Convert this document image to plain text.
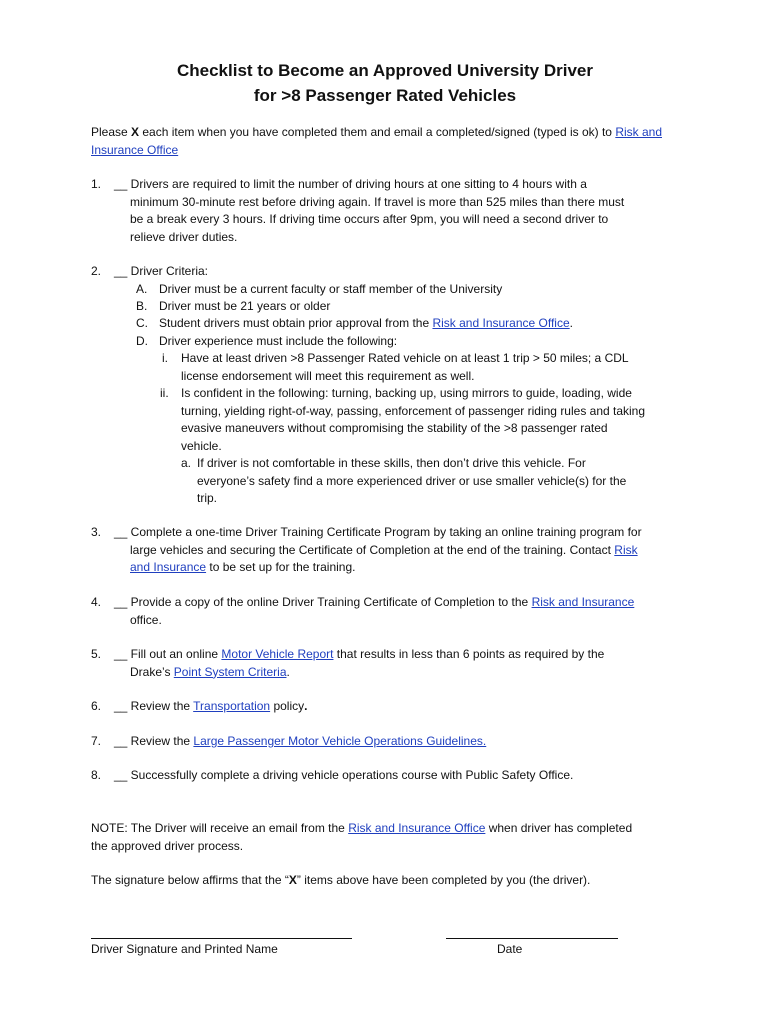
Checklist to Become an Approved University Driver
for >8 Passenger Rated Vehicles
Please X each item when you have completed them and email a completed/signed (typed is ok) to Risk and Insurance Office
1. __ Drivers are required to limit the number of driving hours at one sitting to 4 hours with a
minimum 30-minute rest before driving again. If travel is more than 525 miles than there must
be a break every 3 hours. If driving time occurs after 9pm, you will need a second driver to
relieve driver duties.
2. __ Driver Criteria:
A. Driver must be a current faculty or staff member of the University
B. Driver must be 21 years or older
C. Student drivers must obtain prior approval from the Risk and Insurance Office.
D. Driver experience must include the following:
i. Have at least driven >8 Passenger Rated vehicle on at least 1 trip > 50 miles; a CDL
license endorsement will meet this requirement as well.
ii. Is confident in the following: turning, backing up, using mirrors to guide, loading, wide
turning, yielding right-of-way, passing, enforcement of passenger riding rules and taking
evasive maneuvers without compromising the stability of the >8 passenger rated
vehicle.
a. If driver is not comfortable in these skills, then don’t drive this vehicle. For
everyone’s safety find a more experienced driver or use smaller vehicle(s) for the
trip.
3. __ Complete a one-time Driver Training Certificate Program by taking an online training program for
large vehicles and securing the Certificate of Completion at the end of the training. Contact Risk
and Insurance to be set up for the training.
4. __ Provide a copy of the online Driver Training Certificate of Completion to the Risk and Insurance
office.
5. __ Fill out an online Motor Vehicle Report that results in less than 6 points as required by the
Drake’s Point System Criteria.
6. __ Review the Transportation policy.
7. __ Review the Large Passenger Motor Vehicle Operations Guidelines.
8. __ Successfully complete a driving vehicle operations course with Public Safety Office.
NOTE: The Driver will receive an email from the Risk and Insurance Office when driver has completed
the approved driver process.
The signature below affirms that the “X” items above have been completed by you (the driver).
Driver Signature and Printed Name	Date
